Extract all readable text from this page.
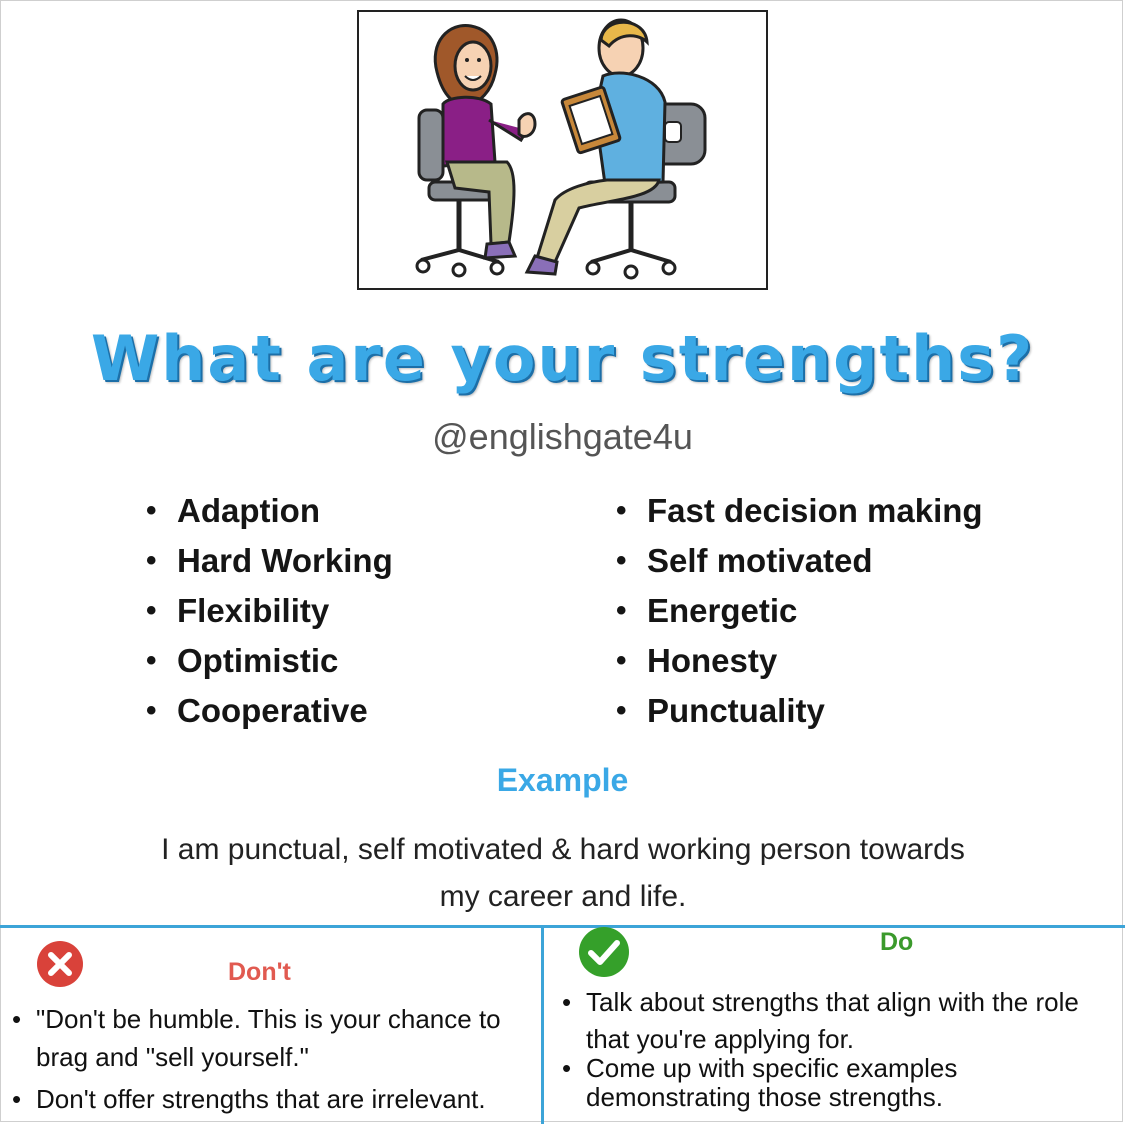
What are your strengths?
@englishgate4u
• Adaption
• Hard Working
• Flexibility
• Optimistic
• Cooperative
• Fast decision making
• Self motivated
• Energetic
• Honesty
• Punctuality
Example
I am punctual, self motivated & hard working person towards
my career and life.
Don't
• "Don't be humble. This is your chance to brag and "sell yourself."
• Don't offer strengths that are irrelevant.
Do
• Talk about strengths that align with the role that you're applying for.
• Come up with specific examples demonstrating those strengths.
